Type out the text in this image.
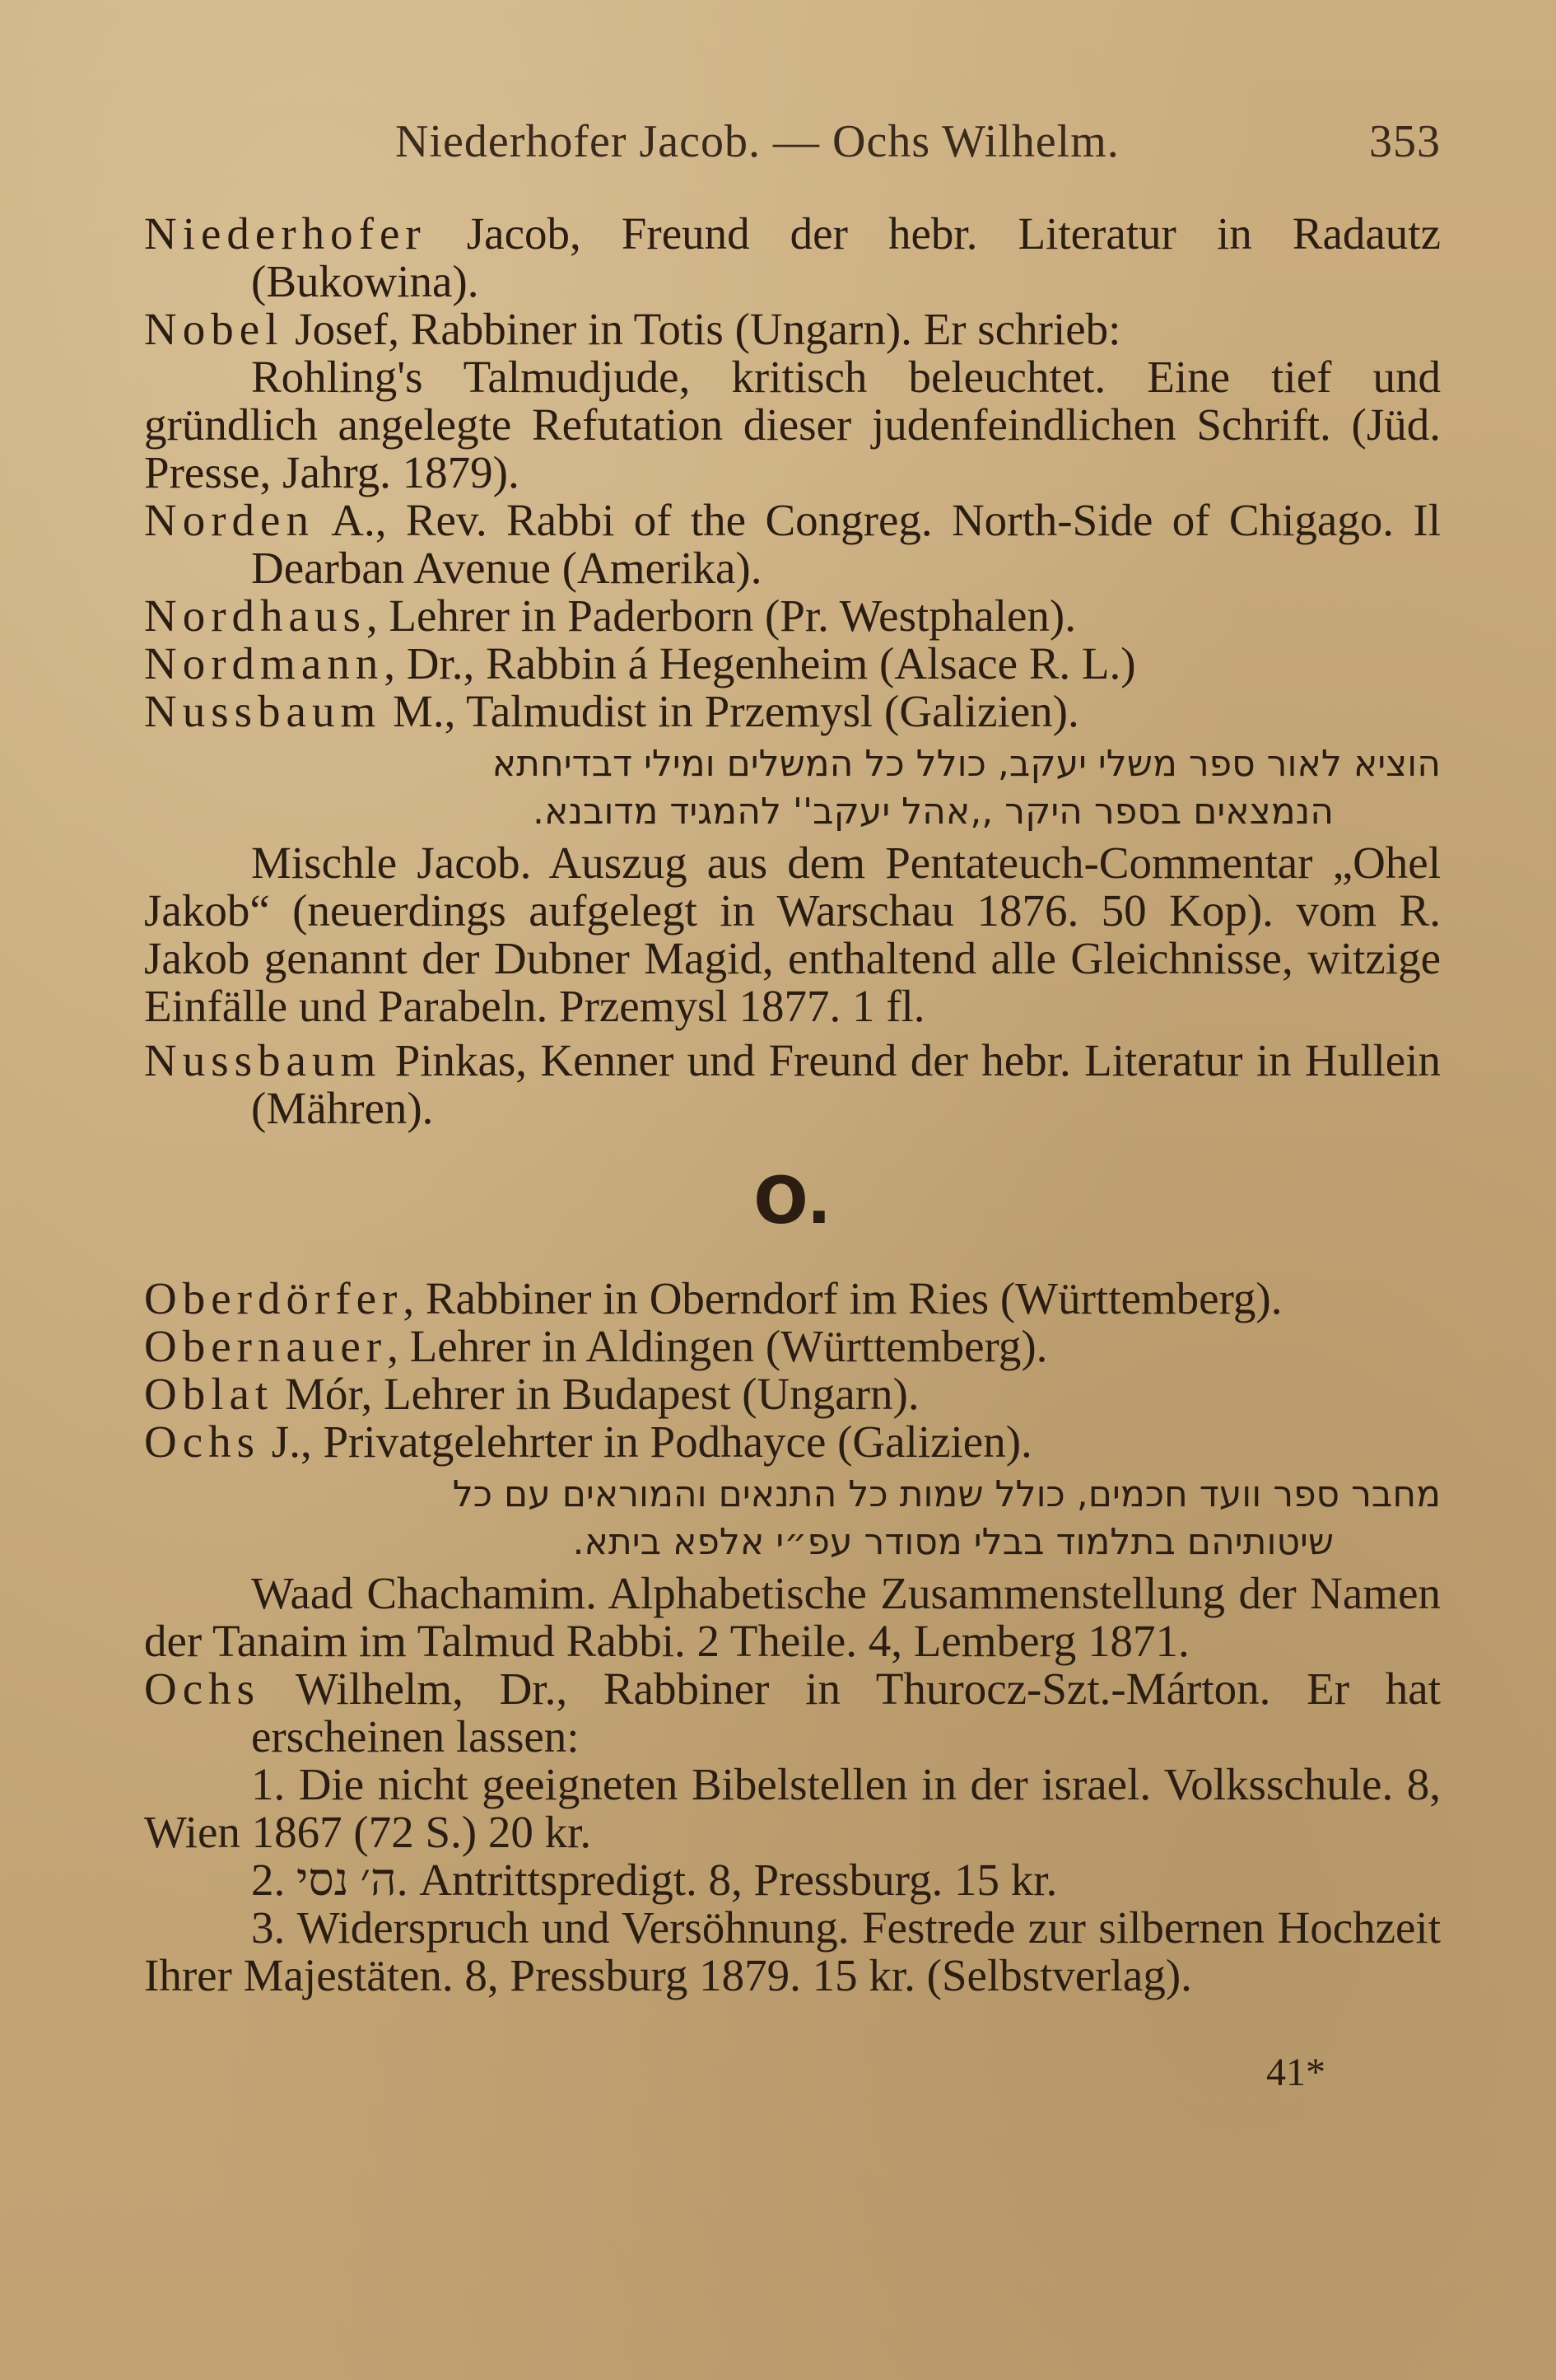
Niederhofer Jacob. — Ochs Wilhelm.	353

Niederhofer Jacob, Freund der hebr. Literatur in Radautz (Bukowina).

Nobel Josef, Rabbiner in Totis (Ungarn). Er schrieb:

Rohling's Talmudjude, kritisch beleuchtet. Eine tief und gründlich angelegte Refutation dieser judenfeindlichen Schrift. (Jüd. Presse, Jahrg. 1879).

Norden A., Rev. Rabbi of the Congreg. North-Side of Chigago. Il Dearban Avenue (Amerika).

Nordhaus, Lehrer in Paderborn (Pr. Westphalen).

Nordmann, Dr., Rabbin á Hegenheim (Alsace R. L.)

Nussbaum M., Talmudist in Przemysl (Galizien).

הוציא לאור ספר משלי יעקב, כולל כל המשלים ומילי דבדיחתא

הנמצאים בספר היקר ,,אהל יעקב'' להמגיד מדובנא.

Mischle Jacob. Auszug aus dem Pentateuch-Commentar „Ohel Jakob“ (neuerdings aufgelegt in Warschau 1876. 50 Kop). vom R. Jakob genannt der Dubner Magid, enthaltend alle Gleichnisse, witzige Einfälle und Parabeln. Przemysl 1877. 1 fl.

Nussbaum Pinkas, Kenner und Freund der hebr. Literatur in Hullein (Mähren).

O.

Oberdörfer, Rabbiner in Oberndorf im Ries (Württemberg).

Obernauer, Lehrer in Aldingen (Württemberg).

Oblat Mór, Lehrer in Budapest (Ungarn).

Ochs J., Privatgelehrter in Podhayce (Galizien).

מחבר ספר וועד חכמים, כולל שמות כל התנאים והמוראים עם כל

שיטותיהם בתלמוד בבלי מסודר עפ״י אלפא ביתא.

Waad Chachamim. Alphabetische Zusammenstellung der Namen der Tanaim im Talmud Rabbi. 2 Theile. 4, Lemberg 1871.

Ochs Wilhelm, Dr., Rabbiner in Thurocz-Szt.-Márton. Er hat erscheinen lassen:

1. Die nicht geeigneten Bibelstellen in der israel. Volksschule. 8, Wien 1867 (72 S.) 20 kr.

2. ה׳ נסי. Antrittspredigt. 8, Pressburg. 15 kr.

3. Widerspruch und Versöhnung. Festrede zur silbernen Hochzeit Ihrer Majestäten. 8, Pressburg 1879. 15 kr. (Selbstverlag).

41*
